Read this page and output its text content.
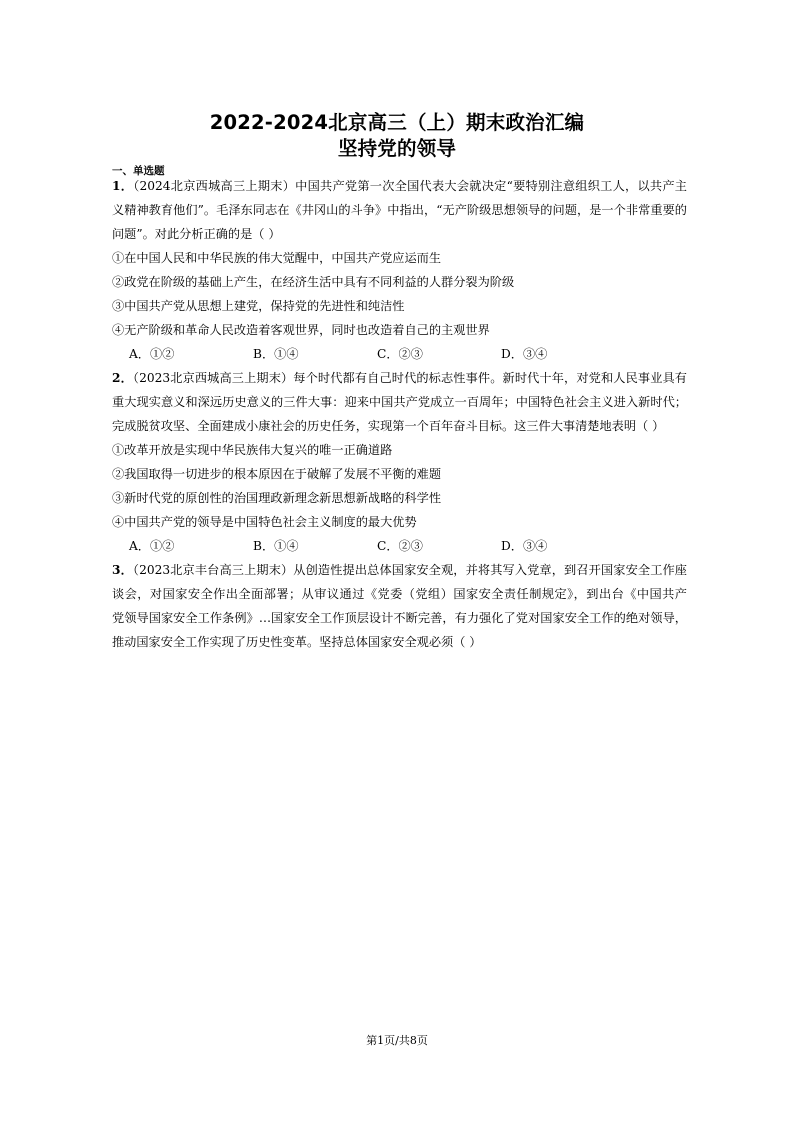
2022-2024北京高三（上）期末政治汇编
坚持党的领导
一、单选题
1．（2024北京西城高三上期末）中国共产党第一次全国代表大会就决定“要特别注意组织工人，以共产主
义精神教育他们”。毛泽东同志在《井冈山的斗争》中指出，“无产阶级思想领导的问题，是一个非常重要的
问题”。对此分析正确的是（ ）
①在中国人民和中华民族的伟大觉醒中，中国共产党应运而生
②政党在阶级的基础上产生，在经济生活中具有不同利益的人群分裂为阶级
③中国共产党从思想上建党，保持党的先进性和纯洁性
④无产阶级和革命人民改造着客观世界，同时也改造着自己的主观世界
A．①②	B．①④	C．②③	D．③④
2．（2023北京西城高三上期末）每个时代都有自己时代的标志性事件。新时代十年，对党和人民事业具有
重大现实意义和深远历史意义的三件大事：迎来中国共产党成立一百周年；中国特色社会主义进入新时代；
完成脱贫攻坚、全面建成小康社会的历史任务，实现第一个百年奋斗目标。这三件大事清楚地表明（ ）
①改革开放是实现中华民族伟大复兴的唯一正确道路
②我国取得一切进步的根本原因在于破解了发展不平衡的难题
③新时代党的原创性的治国理政新理念新思想新战略的科学性
④中国共产党的领导是中国特色社会主义制度的最大优势
A．①②	B．①④	C．②③	D．③④
3．（2023北京丰台高三上期末）从创造性提出总体国家安全观，并将其写入党章，到召开国家安全工作座
谈会，对国家安全作出全面部署；从审议通过《党委（党组）国家安全责任制规定》，到出台《中国共产
党领导国家安全工作条例》…国家安全工作顶层设计不断完善，有力强化了党对国家安全工作的绝对领导，
推动国家安全工作实现了历史性变革。坚持总体国家安全观必须（ ）
第1页/共8页
